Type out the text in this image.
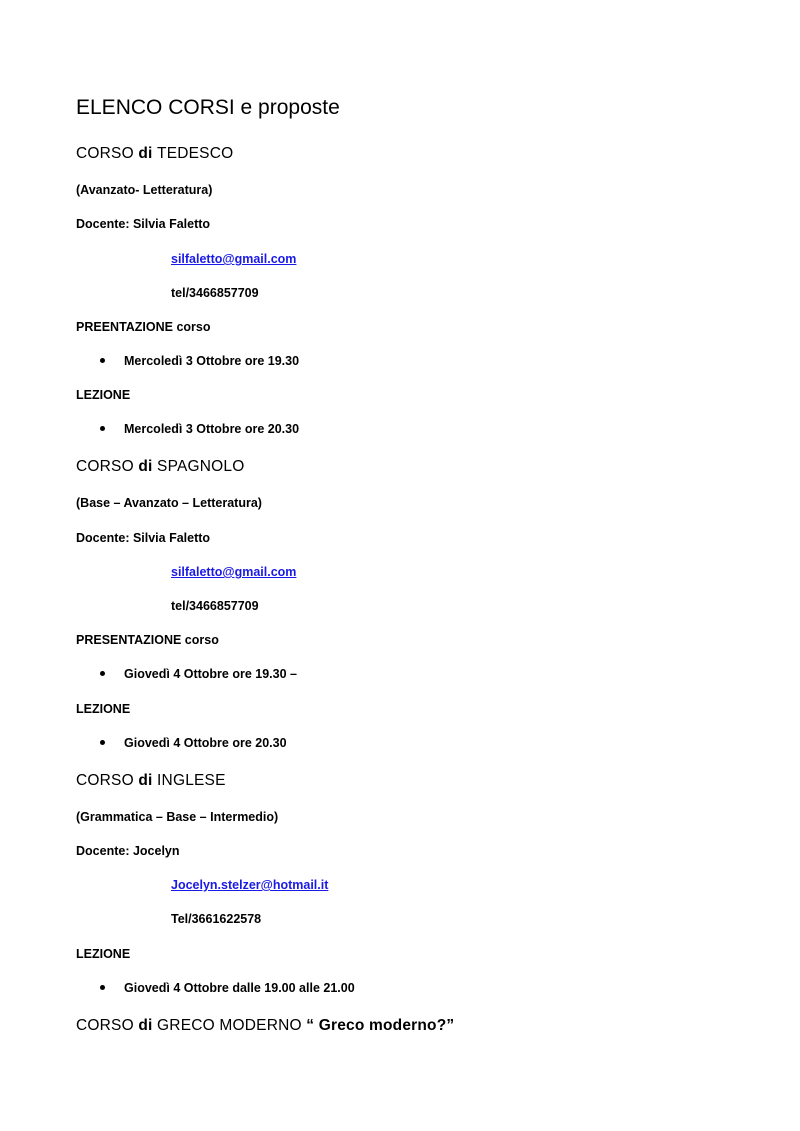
ELENCO CORSI e proposte
CORSO di TEDESCO
(Avanzato- Letteratura)
Docente: Silvia Faletto
silfaletto@gmail.com
tel/3466857709
PREENTAZIONE corso
Mercoledì 3 Ottobre ore 19.30
LEZIONE
Mercoledì 3 Ottobre ore 20.30
CORSO di SPAGNOLO
(Base – Avanzato – Letteratura)
Docente: Silvia Faletto
silfaletto@gmail.com
tel/3466857709
PRESENTAZIONE corso
Giovedì 4 Ottobre ore 19.30 –
LEZIONE
Giovedì 4 Ottobre ore 20.30
CORSO di INGLESE
(Grammatica – Base – Intermedio)
Docente: Jocelyn
Jocelyn.stelzer@hotmail.it
Tel/3661622578
LEZIONE
Giovedì 4 Ottobre dalle 19.00 alle 21.00
CORSO di GRECO MODERNO “ Greco moderno?”
